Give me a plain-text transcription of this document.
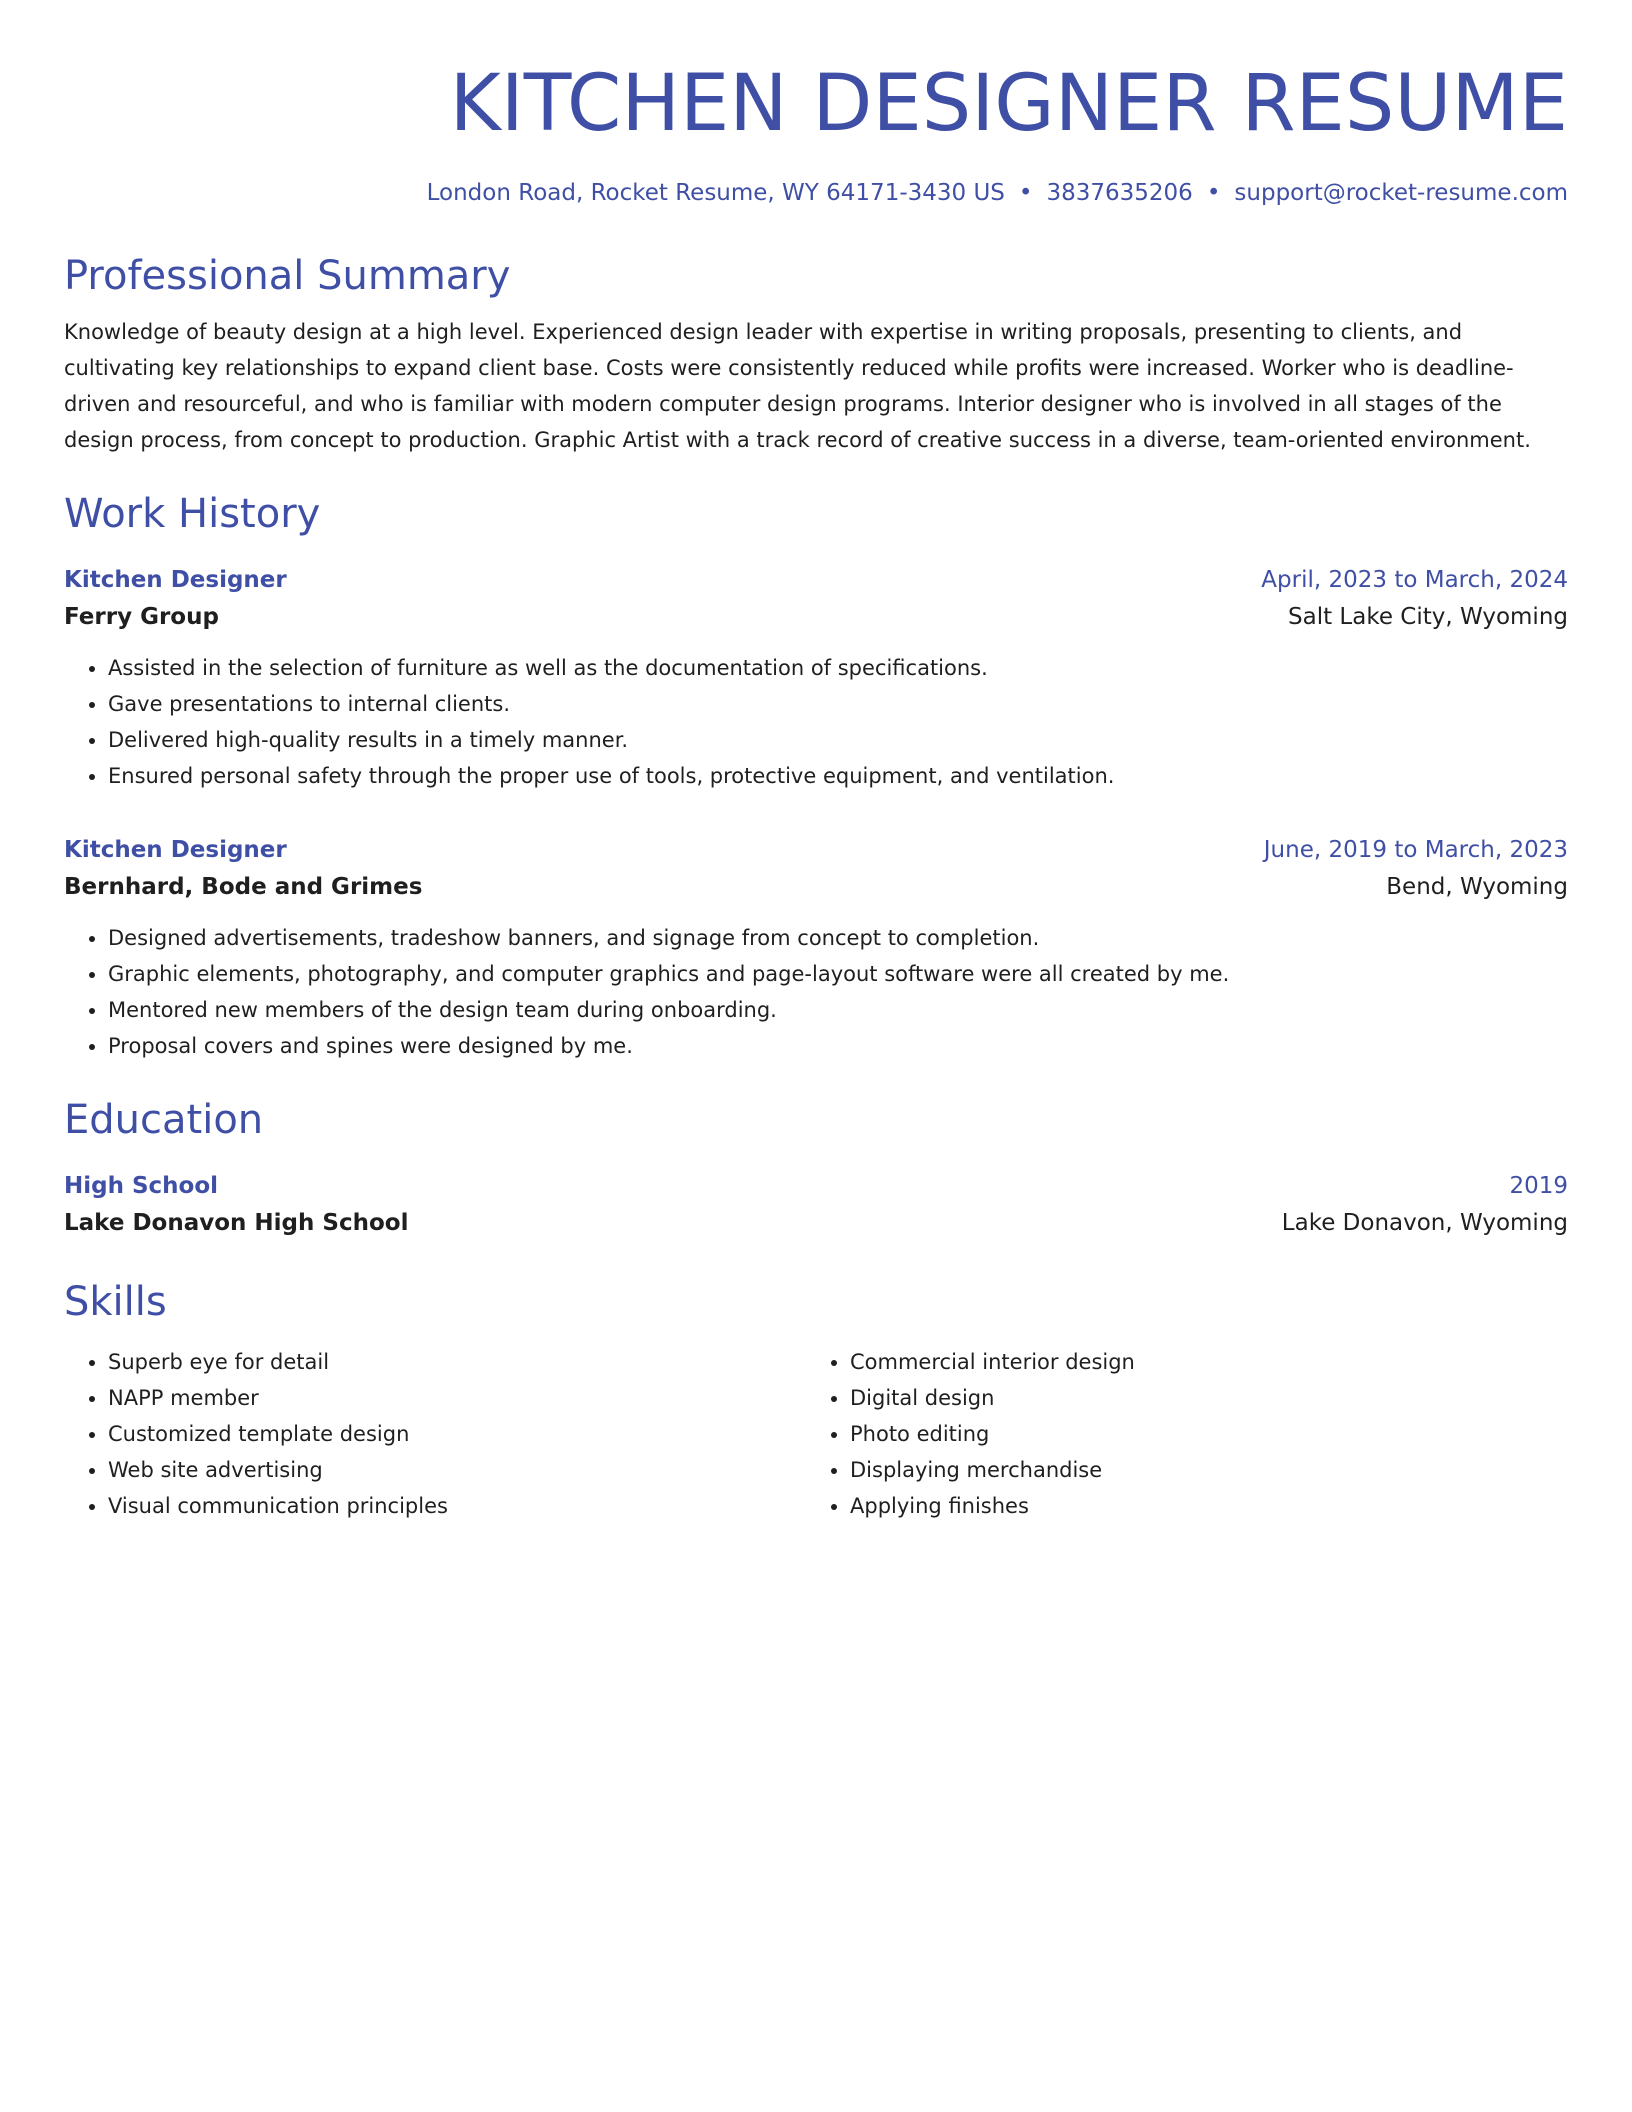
KITCHEN DESIGNER RESUME
London Road, Rocket Resume, WY 64171-3430 US • 3837635206 • support@rocket-resume.com
Professional Summary
Knowledge of beauty design at a high level. Experienced design leader with expertise in writing proposals, presenting to clients, and cultivating key relationships to expand client base. Costs were consistently reduced while profits were increased. Worker who is deadline-driven and resourceful, and who is familiar with modern computer design programs. Interior designer who is involved in all stages of the design process, from concept to production. Graphic Artist with a track record of creative success in a diverse, team-oriented environment.
Work History
Kitchen Designer	April, 2023 to March, 2024
Ferry Group	Salt Lake City, Wyoming
• Assisted in the selection of furniture as well as the documentation of specifications.
• Gave presentations to internal clients.
• Delivered high-quality results in a timely manner.
• Ensured personal safety through the proper use of tools, protective equipment, and ventilation.
Kitchen Designer	June, 2019 to March, 2023
Bernhard, Bode and Grimes	Bend, Wyoming
• Designed advertisements, tradeshow banners, and signage from concept to completion.
• Graphic elements, photography, and computer graphics and page-layout software were all created by me.
• Mentored new members of the design team during onboarding.
• Proposal covers and spines were designed by me.
Education
High School	2019
Lake Donavon High School	Lake Donavon, Wyoming
Skills
• Superb eye for detail
• NAPP member
• Customized template design
• Web site advertising
• Visual communication principles
• Commercial interior design
• Digital design
• Photo editing
• Displaying merchandise
• Applying finishes
